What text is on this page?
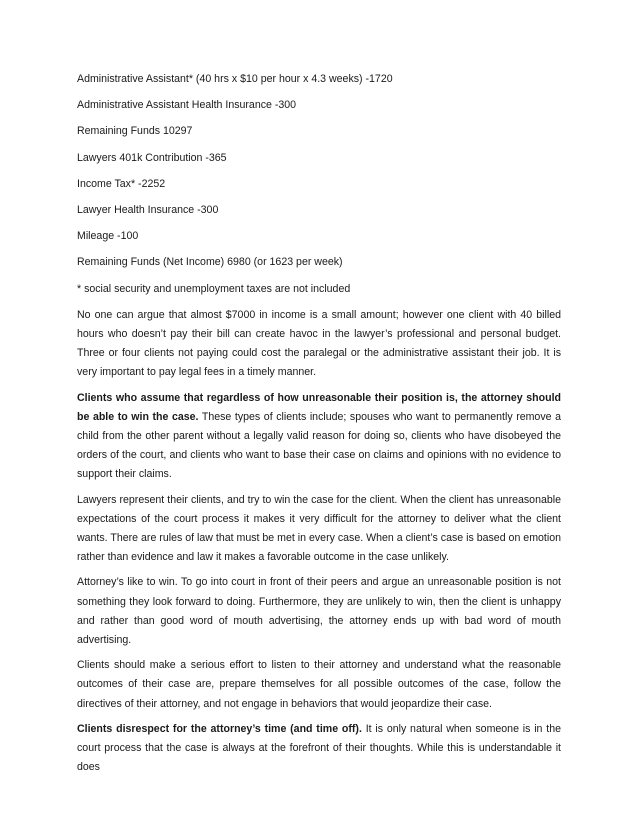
Administrative Assistant* (40 hrs x $10 per hour x 4.3 weeks) -1720
Administrative Assistant Health Insurance -300
Remaining Funds 10297
Lawyers 401k Contribution -365
Income Tax* -2252
Lawyer Health Insurance -300
Mileage -100
Remaining Funds (Net Income) 6980 (or 1623 per week)
* social security and unemployment taxes are not included

No one can argue that almost $7000 in income is a small amount; however one client with 40 billed hours who doesn’t pay their bill can create havoc in the lawyer’s professional and personal budget. Three or four clients not paying could cost the paralegal or the administrative assistant their job. It is very important to pay legal fees in a timely manner.

Clients who assume that regardless of how unreasonable their position is, the attorney should be able to win the case. These types of clients include; spouses who want to permanently remove a child from the other parent without a legally valid reason for doing so, clients who have disobeyed the orders of the court, and clients who want to base their case on claims and opinions with no evidence to support their claims.

Lawyers represent their clients, and try to win the case for the client. When the client has unreasonable expectations of the court process it makes it very difficult for the attorney to deliver what the client wants. There are rules of law that must be met in every case. When a client’s case is based on emotion rather than evidence and law it makes a favorable outcome in the case unlikely.

Attorney’s like to win. To go into court in front of their peers and argue an unreasonable position is not something they look forward to doing. Furthermore, they are unlikely to win, then the client is unhappy and rather than good word of mouth advertising, the attorney ends up with bad word of mouth advertising.

Clients should make a serious effort to listen to their attorney and understand what the reasonable outcomes of their case are, prepare themselves for all possible outcomes of the case, follow the directives of their attorney, and not engage in behaviors that would jeopardize their case.

Clients disrespect for the attorney’s time (and time off). It is only natural when someone is in the court process that the case is always at the forefront of their thoughts. While this is understandable it does
